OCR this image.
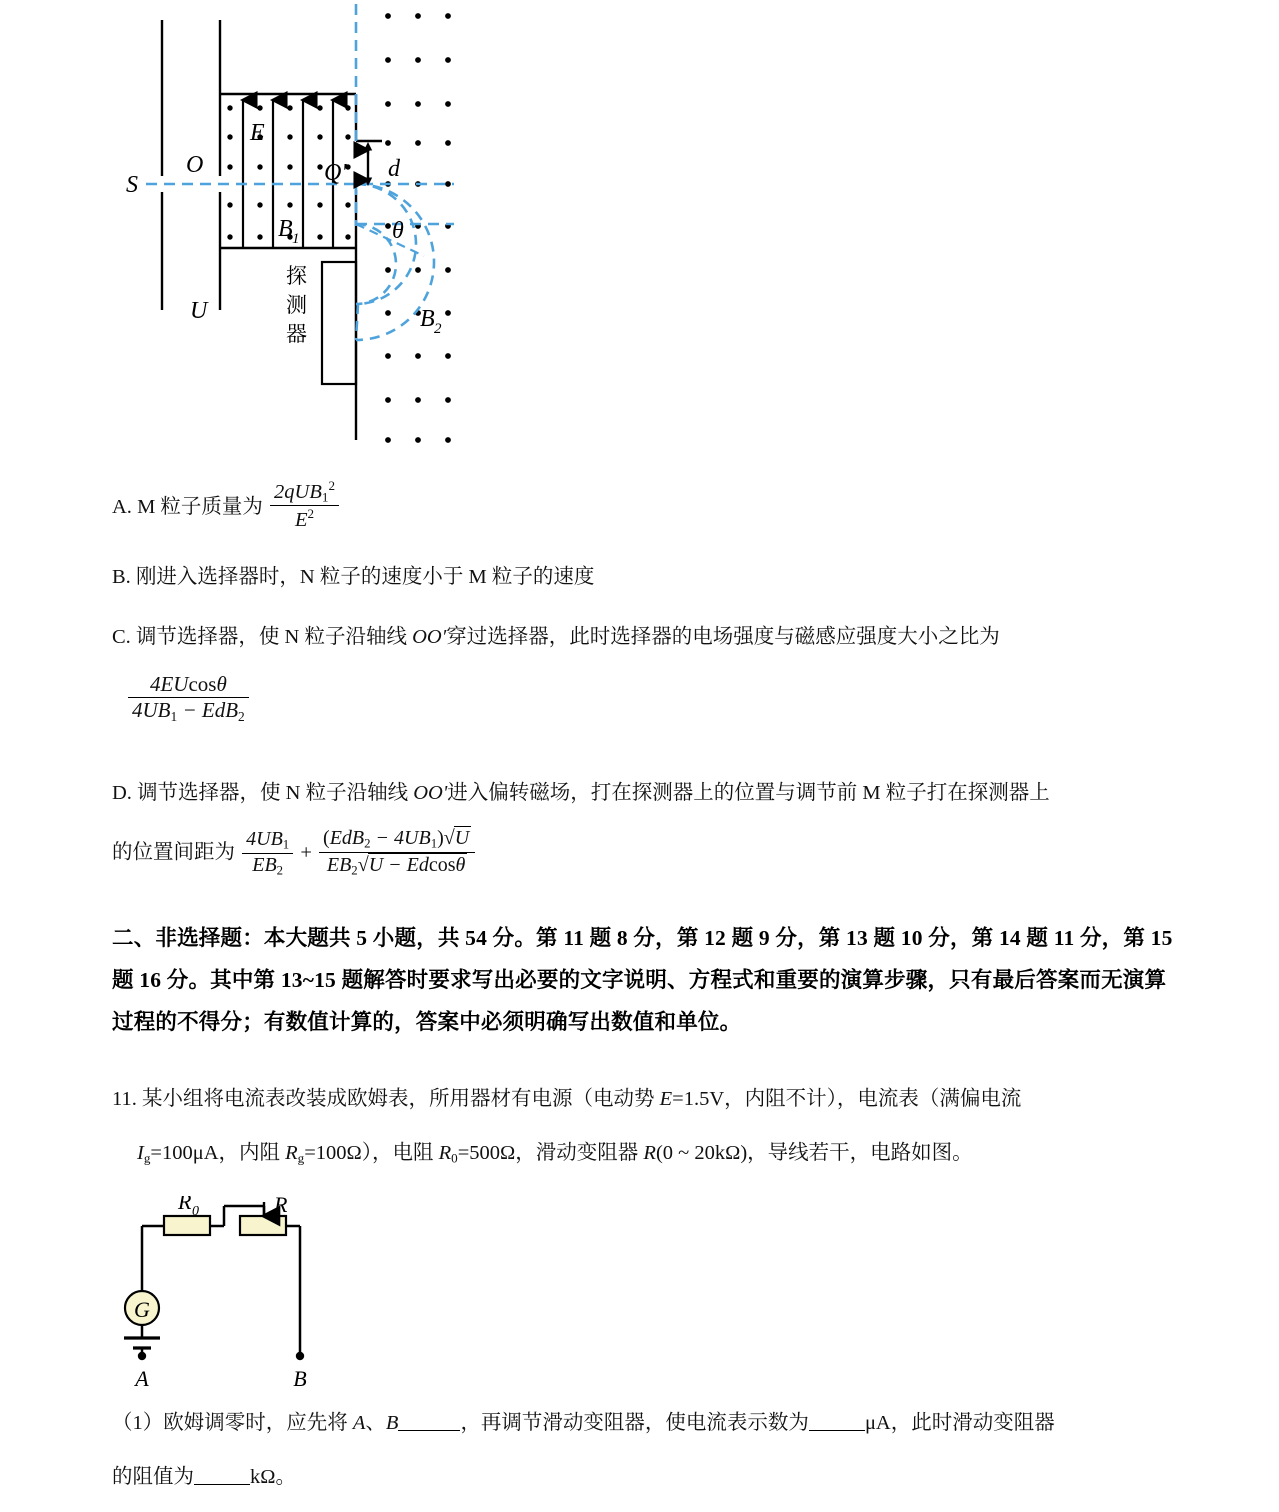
S
O	Q'
U
E
B 1
d
θ
B 2
探
测
器
A. M 粒子质量为 $\frac{2qUB_1^2}{E^2}$
B. 刚进入选择器时，N 粒子的速度小于 M 粒子的速度
C. 调节选择器，使 N 粒子沿轴线 OO′穿过选择器，此时选择器的电场强度与磁感应强度大小之比为
$\frac{4EUcos\theta}{4UB_1 - EdB_2}$
D. 调节选择器，使 N 粒子沿轴线 OO'进入偏转磁场，打在探测器上的位置与调节前 M 粒子打在探测器上
的位置间距为 $\frac{4UB_1}{EB_2} + \frac{(EdB_2 - 4UB_1)√U}{EB_2√U - Edcos\theta}$
二、非选择题：本大题共 5 小题，共 54 分。第 11 题 8 分，第 12 题 9 分，第 13 题 10 分，第 14 题 11 分，第 15 题 16 分。其中第 13~15 题解答时要求写出必要的文字说明、方程式和重要的演算步骤，只有最后答案而无演算过程的不得分；有数值计算的，答案中必须明确写出数值和单位。
11. 某小组将电流表改装成欧姆表，所用器材有电源（电动势 E=1.5V，内阻不计），电流表（满偏电流
$I_g=100\mu A$，内阻 $R_g=100\Omega$），电阻 $R_0=500\Omega$，滑动变阻器 R(0 ~ 20kΩ)，导线若干，电路如图。
G
R 0	R
A	B
（1）欧姆调零时，应先将 A、B	，再调节滑动变阻器，使电流表示数为	μA，此时滑动变阻器
的阻值为	kΩ。
